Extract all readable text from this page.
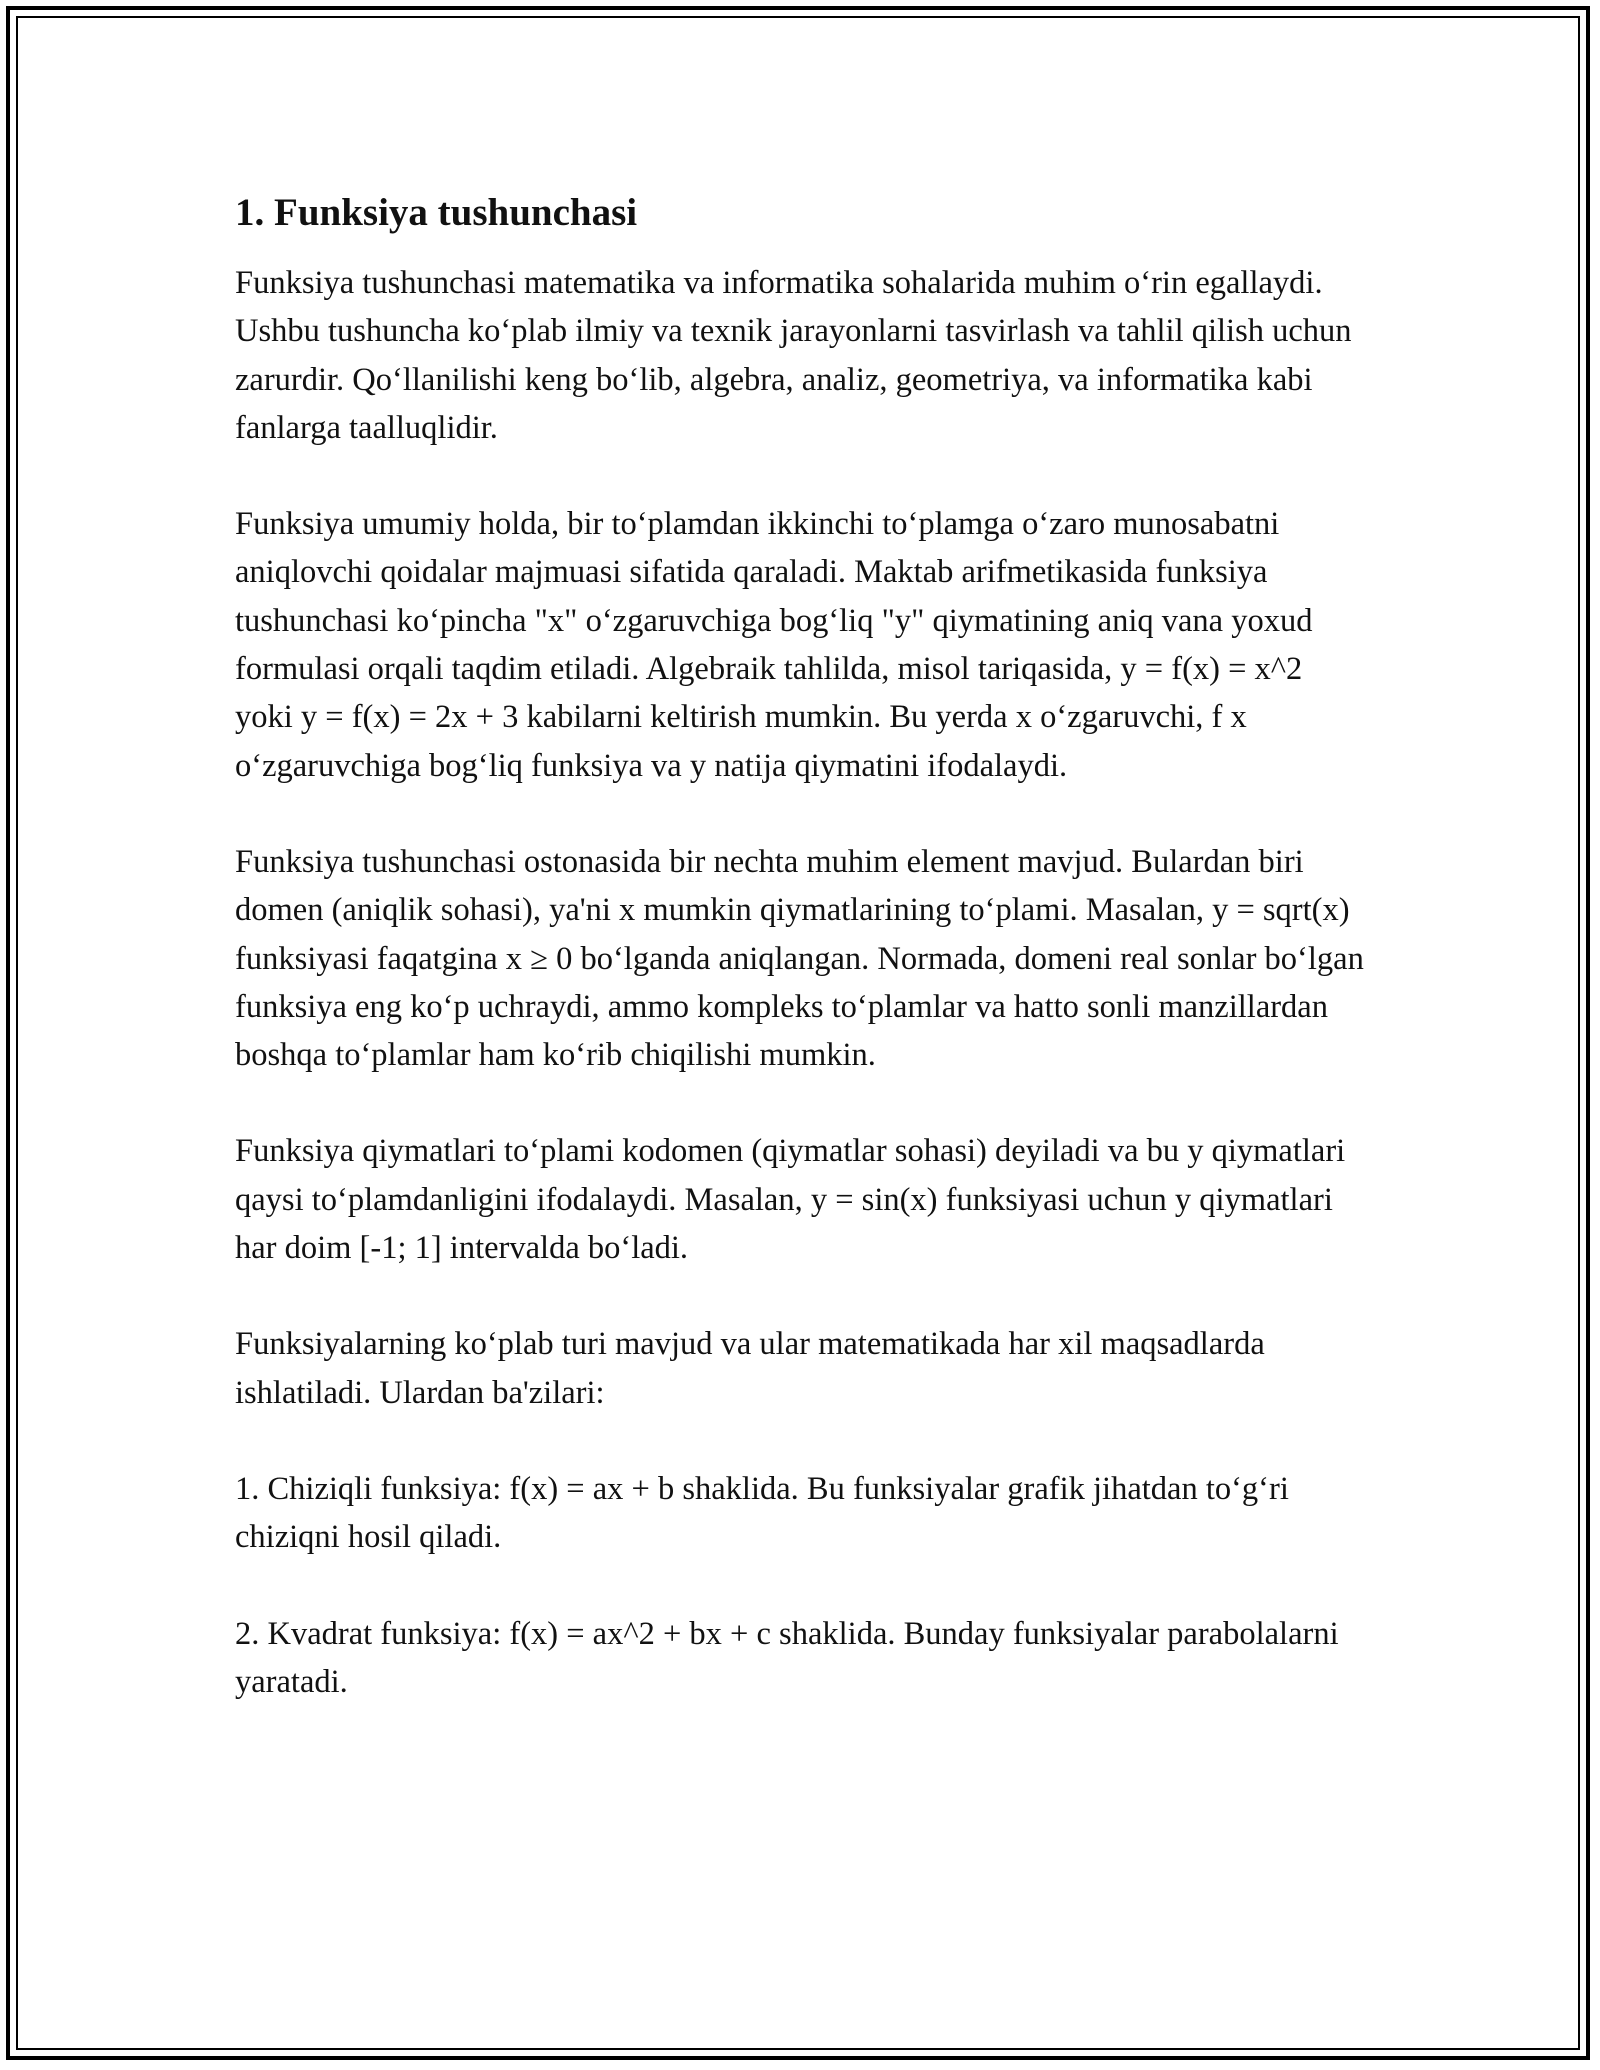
1. Funksiya tushunchasi

Funksiya tushunchasi matematika va informatika sohalarida muhim o‘rin egallaydi. Ushbu tushuncha ko‘plab ilmiy va texnik jarayonlarni tasvirlash va tahlil qilish uchun zarurdir. Qo‘llanilishi keng bo‘lib, algebra, analiz, geometriya, va informatika kabi fanlarga taalluqlidir.

Funksiya umumiy holda, bir to‘plamdan ikkinchi to‘plamga o‘zaro munosabatni aniqlovchi qoidalar majmuasi sifatida qaraladi. Maktab arifmetikasida funksiya tushunchasi ko‘pincha "x" o‘zgaruvchiga bog‘liq "y" qiymatining aniq vana yoxud formulasi orqali taqdim etiladi. Algebraik tahlilda, misol tariqasida, y = f(x) = x^2 yoki y = f(x) = 2x + 3 kabilarni keltirish mumkin. Bu yerda x o‘zgaruvchi, f x o‘zgaruvchiga bog‘liq funksiya va y natija qiymatini ifodalaydi.

Funksiya tushunchasi ostonasida bir nechta muhim element mavjud. Bulardan biri domen (aniqlik sohasi), ya'ni x mumkin qiymatlarining to‘plami. Masalan, y = sqrt(x) funksiyasi faqatgina x ≥ 0 bo‘lganda aniqlangan. Normada, domeni real sonlar bo‘lgan funksiya eng ko‘p uchraydi, ammo kompleks to‘plamlar va hatto sonli manzillardan boshqa to‘plamlar ham ko‘rib chiqilishi mumkin.

Funksiya qiymatlari to‘plami kodomen (qiymatlar sohasi) deyiladi va bu y qiymatlari qaysi to‘plamdanligini ifodalaydi. Masalan, y = sin(x) funksiyasi uchun y qiymatlari har doim [-1; 1] intervalda bo‘ladi.

Funksiyalarning ko‘plab turi mavjud va ular matematikada har xil maqsadlarda ishlatiladi. Ulardan ba'zilari:

1. Chiziqli funksiya: f(x) = ax + b shaklida. Bu funksiyalar grafik jihatdan to‘g‘ri chiziqni hosil qiladi.

2. Kvadrat funksiya: f(x) = ax^2 + bx + c shaklida. Bunday funksiyalar parabolalarni yaratadi.
